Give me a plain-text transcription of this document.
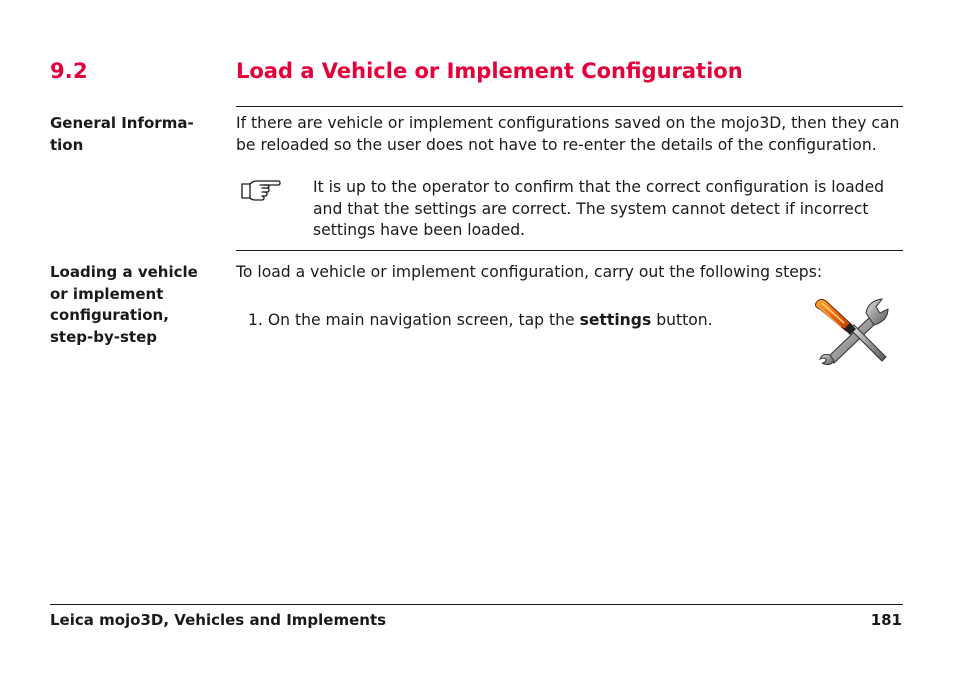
9.2	Load a Vehicle or Implement Configuration
General Informa-
tion
If there are vehicle or implement configurations saved on the mojo3D, then they can be reloaded so the user does not have to re-enter the details of the configuration.
It is up to the operator to confirm that the correct configuration is loaded and that the settings are correct. The system cannot detect if incorrect settings have been loaded.
Loading a vehicle
or implement
configuration,
step-by-step
To load a vehicle or implement configuration, carry out the following steps:
1. On the main navigation screen, tap the settings button.
Leica mojo3D, Vehicles and Implements	181
